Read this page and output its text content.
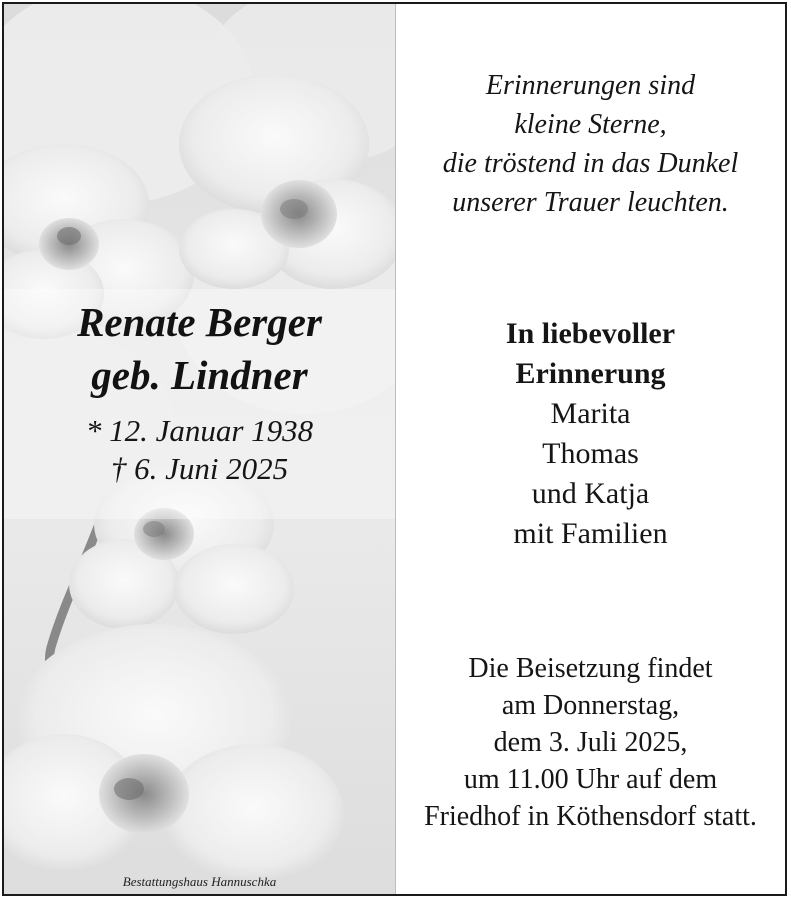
Renate Berger
geb. Lindner
* 12. Januar 1938
† 6. Juni 2025
Bestattungshaus Hannuschka
Erinnerungen sind
kleine Sterne,
die tröstend in das Dunkel
unserer Trauer leuchten.
In liebevoller
Erinnerung
Marita
Thomas
und Katja
mit Familien
Die Beisetzung findet
am Donnerstag,
dem 3. Juli 2025,
um 11.00 Uhr auf dem
Friedhof in Köthensdorf statt.
